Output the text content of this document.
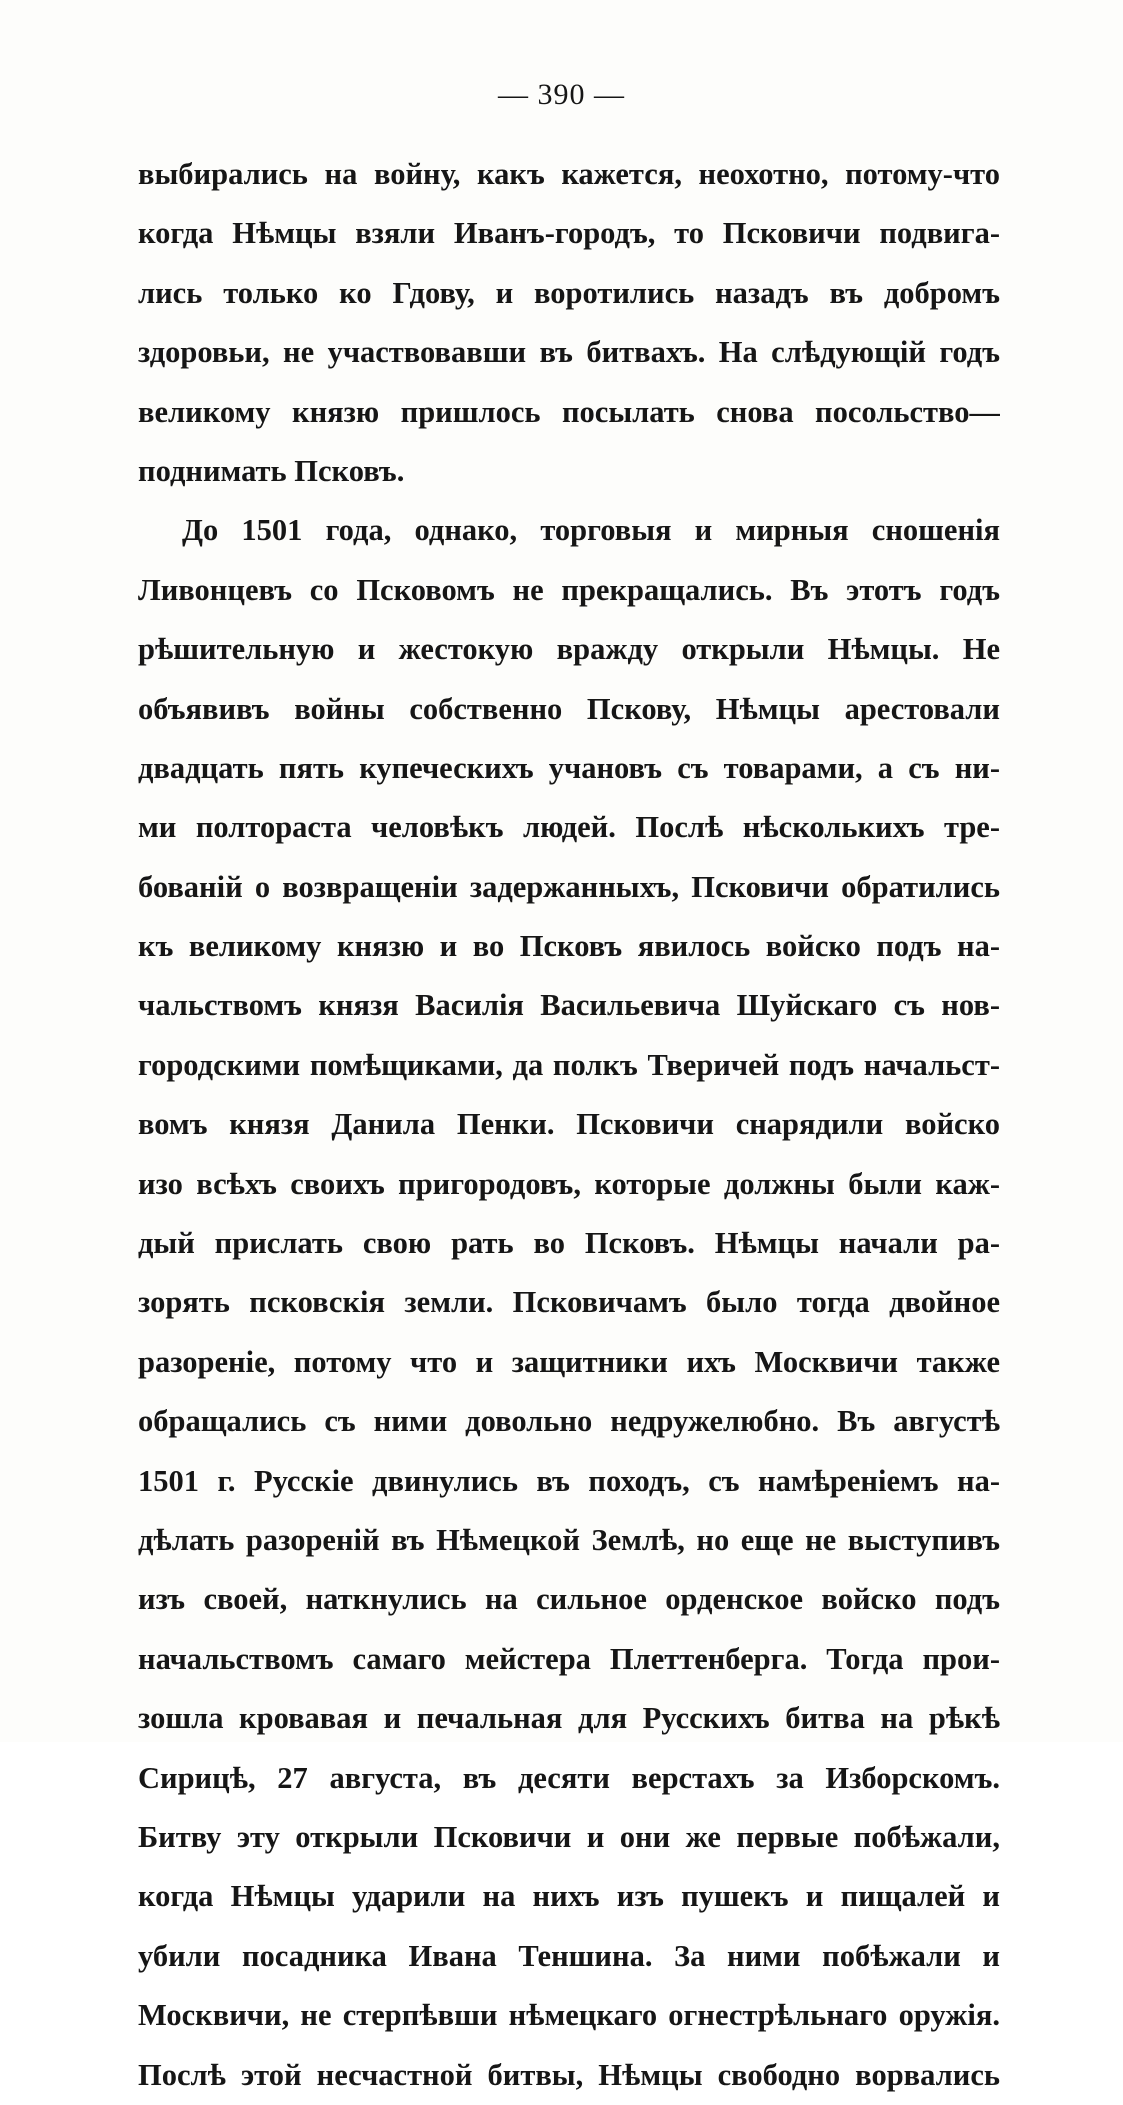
— 390 —
выбирались на войну, какъ кажется, неохотно, потому-что
когда Нѣмцы взяли Иванъ-городъ, то Псковичи подвига-
лись только ко Гдову, и воротились назадъ въ добромъ
здоровьи, не участвовавши въ битвахъ. На слѣдующій годъ
великому князю пришлось посылать снова посольство—
поднимать Псковъ.
До 1501 года, однако, торговыя и мирныя сношенія
Ливонцевъ со Псковомъ не прекращались. Въ этотъ годъ
рѣшительную и жестокую вражду открыли Нѣмцы. Не
объявивъ войны собственно Пскову, Нѣмцы арестовали
двадцать пять купеческихъ учановъ съ товарами, а съ ни-
ми полтораста человѣкъ людей. Послѣ нѣсколькихъ тре-
бованій о возвращеніи задержанныхъ, Псковичи обратились
къ великому князю и во Псковъ явилось войско подъ на-
чальствомъ князя Василія Васильевича Шуйскаго съ нов-
городскими помѣщиками, да полкъ Тверичей подъ начальст-
вомъ князя Данила Пенки. Псковичи снарядили войско
изо всѣхъ своихъ пригородовъ, которые должны были каж-
дый прислать свою рать во Псковъ. Нѣмцы начали ра-
зорять псковскія земли. Псковичамъ было тогда двойное
разореніе, потому что и защитники ихъ Москвичи также
обращались съ ними довольно недружелюбно. Въ августѣ
1501 г. Русскіе двинулись въ походъ, съ намѣреніемъ на-
дѣлать разореній въ Нѣмецкой Землѣ, но еще не выступивъ
изъ своей, наткнулись на сильное орденское войско подъ
начальствомъ самаго мейстера Плеттенберга. Тогда прои-
зошла кровавая и печальная для Русскихъ битва на рѣкѣ
Сирицѣ, 27 августа, въ десяти верстахъ за Изборскомъ.
Битву эту открыли Псковичи и они же первые побѣжали,
когда Нѣмцы ударили на нихъ изъ пушекъ и пищалей и
убили посадника Ивана Теншина. За ними побѣжали и
Москвичи, не стерпѣвши нѣмецкаго огнестрѣльнаго оружія.
Послѣ этой несчастной битвы, Нѣмцы свободно ворвались
